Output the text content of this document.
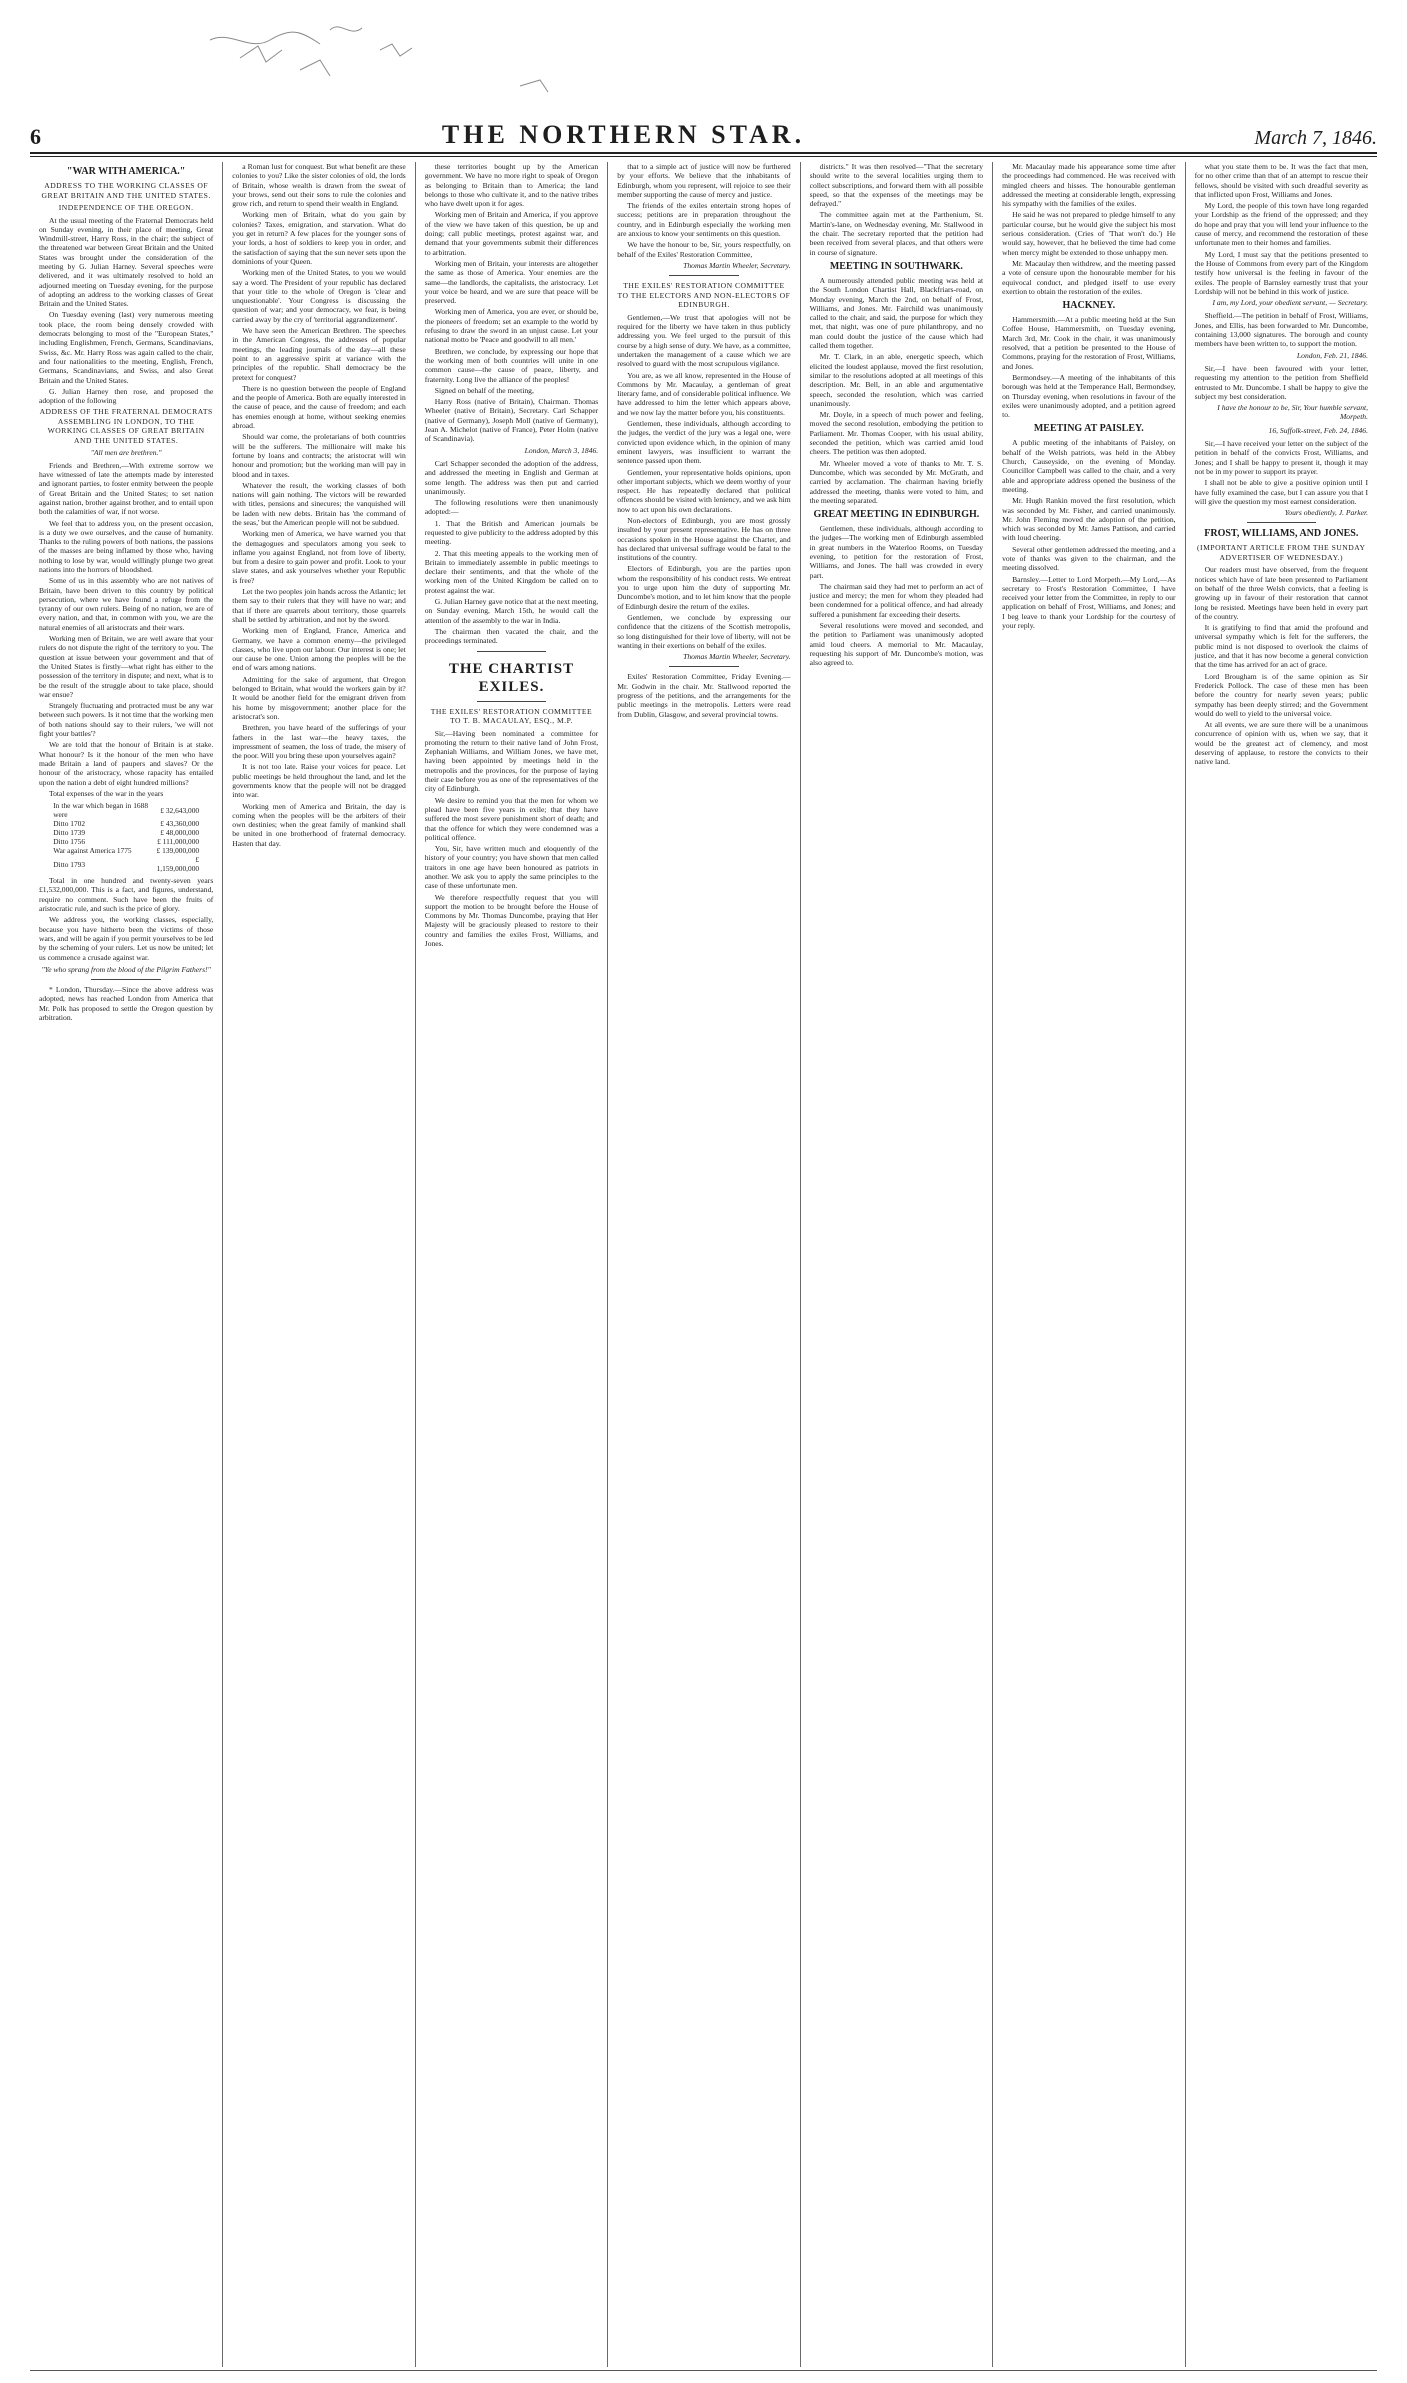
6	THE NORTHERN STAR.	March 7, 1846.

"WAR WITH AMERICA."

ADDRESS TO THE WORKING CLASSES OF GREAT BRITAIN AND THE UNITED STATES.

INDEPENDENCE OF THE OREGON.

At the usual meeting of the Fraternal Democrats held on Sunday evening, in their place of meeting, Great Windmill-street, Harry Ross, in the chair; the subject of the threatened war between Great Britain and the United States was brought under the consideration of the meeting by G. Julian Harney. Several speeches were delivered, and it was ultimately resolved to hold an adjourned meeting on Tuesday evening, for the purpose of adopting an address to the working classes of Great Britain and the United States.

On Tuesday evening (last) very numerous meeting took place, the room being densely crowded with democrats belonging to most of the "European States," including Englishmen, French, Germans, Scandinavians, Swiss, &c. Mr. Harry Ross was again called to the chair, and four nationalities to the meeting, English, French, Germans, Scandinavians, and Swiss, and also Great Britain and the United States.

G. Julian Harney then rose, and proposed the adoption of the following

ADDRESS OF THE FRATERNAL DEMOCRATS ASSEMBLING IN LONDON, TO THE WORKING CLASSES OF GREAT BRITAIN AND THE UNITED STATES.

"All men are brethren."

Friends and Brethren,—With extreme sorrow we have witnessed of late the attempts made by interested and ignorant parties, to foster enmity between the people of Great Britain and the United States; to set nation against nation, brother against brother, and to entail upon both the calamities of war, if not worse.

We feel that to address you, on the present occasion, is a duty we owe ourselves, and the cause of humanity. Thanks to the ruling powers of both nations, the passions of the masses are being inflamed by those who, having nothing to lose by war, would willingly plunge two great nations into the horrors of bloodshed.

Some of us in this assembly who are not natives of Britain, have been driven to this country by political persecution, where we have found a refuge from the tyranny of our own rulers. Being of no nation, we are of every nation, and that, in common with you, we are the natural enemies of all aristocrats and their wars.

Working men of Britain, we are well aware that your rulers do not dispute the right of the territory to you. The question at issue between your government and that of the United States is firstly—what right has either to the possession of the territory in dispute; and next, what is to be the result of the struggle about to take place, should war ensue?

Strangely fluctuating and protracted must be any war between such powers. Is it not time that the working men of both nations should say to their rulers, 'we will not fight your battles'?

We are told that the honour of Britain is at stake. What honour? Is it the honour of the men who have made Britain a land of paupers and slaves? Or the honour of the aristocracy, whose rapacity has entailed upon the nation a debt of eight hundred millions?

Total expenses of the war in the years

In the war which began in 1688 were	£ 32,643,000
Ditto 1702	£ 43,360,000
Ditto 1739	£ 48,000,000
Ditto 1756	£ 111,000,000
War against America 1775	£ 139,000,000
Ditto 1793	£ 1,159,000,000

Total in one hundred and twenty-seven years £1,532,000,000. This is a fact, and figures, understand, require no comment. Such have been the fruits of aristocratic rule, and such is the price of glory.

We address you, the working classes, especially, because you have hitherto been the victims of those wars, and will be again if you permit yourselves to be led by the scheming of your rulers. Let us now be united; let us commence a crusade against war.

"Ye who sprang from the blood of the Pilgrim Fathers!"

* London, Thursday.—Since the above address was adopted, news has reached London from America that Mr. Polk has proposed to settle the Oregon question by arbitration.

a Roman lust for conquest. But what benefit are these colonies to you? Like the sister colonies of old, the lords of Britain, whose wealth is drawn from the sweat of your brows, send out their sons to rule the colonies and grow rich, and return to spend their wealth in England.

Working men of Britain, what do you gain by colonies? Taxes, emigration, and starvation. What do you get in return? A few places for the younger sons of your lords, a host of soldiers to keep you in order, and the satisfaction of saying that the sun never sets upon the dominions of your Queen.

Working men of the United States, to you we would say a word. The President of your republic has declared that your title to the whole of Oregon is 'clear and unquestionable'. Your Congress is discussing the question of war; and your democracy, we fear, is being carried away by the cry of 'territorial aggrandizement'.

We have seen the American Brethren. The speeches in the American Congress, the addresses of popular meetings, the leading journals of the day—all these point to an aggressive spirit at variance with the principles of the republic. Shall democracy be the pretext for conquest?

There is no question between the people of England and the people of America. Both are equally interested in the cause of peace, and the cause of freedom; and each has enemies enough at home, without seeking enemies abroad.

Should war come, the proletarians of both countries will be the sufferers. The millionaire will make his fortune by loans and contracts; the aristocrat will win honour and promotion; but the working man will pay in blood and in taxes.

Whatever the result, the working classes of both nations will gain nothing. The victors will be rewarded with titles, pensions and sinecures; the vanquished will be laden with new debts. Britain has 'the command of the seas,' but the American people will not be subdued.

Working men of America, we have warned you that the demagogues and speculators among you seek to inflame you against England, not from love of liberty, but from a desire to gain power and profit. Look to your slave states, and ask yourselves whether your Republic is free?

Let the two peoples join hands across the Atlantic; let them say to their rulers that they will have no war; and that if there are quarrels about territory, those quarrels shall be settled by arbitration, and not by the sword.

Working men of England, France, America and Germany, we have a common enemy—the privileged classes, who live upon our labour. Our interest is one; let our cause be one. Union among the peoples will be the end of wars among nations.

Admitting for the sake of argument, that Oregon belonged to Britain, what would the workers gain by it? It would be another field for the emigrant driven from his home by misgovernment; another place for the aristocrat's son.

Brethren, you have heard of the sufferings of your fathers in the last war—the heavy taxes, the impressment of seamen, the loss of trade, the misery of the poor. Will you bring these upon yourselves again?

It is not too late. Raise your voices for peace. Let public meetings be held throughout the land, and let the governments know that the people will not be dragged into war.

Working men of America and Britain, the day is coming when the peoples will be the arbiters of their own destinies; when the great family of mankind shall be united in one brotherhood of fraternal democracy. Hasten that day.

these territories bought up by the American government. We have no more right to speak of Oregon as belonging to Britain than to America; the land belongs to those who cultivate it, and to the native tribes who have dwelt upon it for ages.

Working men of Britain and America, if you approve of the view we have taken of this question, be up and doing; call public meetings, protest against war, and demand that your governments submit their differences to arbitration.

Working men of Britain, your interests are altogether the same as those of America. Your enemies are the same—the landlords, the capitalists, the aristocracy. Let your voice be heard, and we are sure that peace will be preserved.

Working men of America, you are ever, or should be, the pioneers of freedom; set an example to the world by refusing to draw the sword in an unjust cause. Let your national motto be 'Peace and goodwill to all men.'

Brethren, we conclude, by expressing our hope that the working men of both countries will unite in one common cause—the cause of peace, liberty, and fraternity. Long live the alliance of the peoples!

Signed on behalf of the meeting,

Harry Ross (native of Britain), Chairman. Thomas Wheeler (native of Britain), Secretary. Carl Schapper (native of Germany), Joseph Moll (native of Germany), Jean A. Michelot (native of France), Peter Holm (native of Scandinavia).

London, March 3, 1846.

Carl Schapper seconded the adoption of the address, and addressed the meeting in English and German at some length. The address was then put and carried unanimously.

The following resolutions were then unanimously adopted:—

1. That the British and American journals be requested to give publicity to the address adopted by this meeting.

2. That this meeting appeals to the working men of Britain to immediately assemble in public meetings to declare their sentiments, and that the whole of the working men of the United Kingdom be called on to protest against the war.

G. Julian Harney gave notice that at the next meeting, on Sunday evening, March 15th, he would call the attention of the assembly to the war in India.

The chairman then vacated the chair, and the proceedings terminated.

THE CHARTIST EXILES.

THE EXILES' RESTORATION COMMITTEE TO T. B. MACAULAY, ESQ., M.P.

Sir,—Having been nominated a committee for promoting the return to their native land of John Frost, Zephaniah Williams, and William Jones, we have met, having been appointed by meetings held in the metropolis and the provinces, for the purpose of laying their case before you as one of the representatives of the city of Edinburgh.

We desire to remind you that the men for whom we plead have been five years in exile; that they have suffered the most severe punishment short of death; and that the offence for which they were condemned was a political offence.

You, Sir, have written much and eloquently of the history of your country; you have shown that men called traitors in one age have been honoured as patriots in another. We ask you to apply the same principles to the case of these unfortunate men.

We therefore respectfully request that you will support the motion to be brought before the House of Commons by Mr. Thomas Duncombe, praying that Her Majesty will be graciously pleased to restore to their country and families the exiles Frost, Williams, and Jones.

that to a simple act of justice will now be furthered by your efforts. We believe that the inhabitants of Edinburgh, whom you represent, will rejoice to see their member supporting the cause of mercy and justice.

The friends of the exiles entertain strong hopes of success; petitions are in preparation throughout the country, and in Edinburgh especially the working men are anxious to know your sentiments on this question.

We have the honour to be, Sir, yours respectfully, on behalf of the Exiles' Restoration Committee,

Thomas Martin Wheeler, Secretary.

THE EXILES' RESTORATION COMMITTEE TO THE ELECTORS AND NON-ELECTORS OF EDINBURGH.

Gentlemen,—We trust that apologies will not be required for the liberty we have taken in thus publicly addressing you. We feel urged to the pursuit of this course by a high sense of duty. We have, as a committee, undertaken the management of a cause which we are resolved to guard with the most scrupulous vigilance.

You are, as we all know, represented in the House of Commons by Mr. Macaulay, a gentleman of great literary fame, and of considerable political influence. We have addressed to him the letter which appears above, and we now lay the matter before you, his constituents.

Gentlemen, these individuals, although according to the judges, the verdict of the jury was a legal one, were convicted upon evidence which, in the opinion of many eminent lawyers, was insufficient to warrant the sentence passed upon them.

Gentlemen, your representative holds opinions, upon other important subjects, which we deem worthy of your respect. He has repeatedly declared that political offences should be visited with leniency, and we ask him now to act upon his own declarations.

Non-electors of Edinburgh, you are most grossly insulted by your present representative. He has on three occasions spoken in the House against the Charter, and has declared that universal suffrage would be fatal to the institutions of the country.

Electors of Edinburgh, you are the parties upon whom the responsibility of his conduct rests. We entreat you to urge upon him the duty of supporting Mr. Duncombe's motion, and to let him know that the people of Edinburgh desire the return of the exiles.

Gentlemen, we conclude by expressing our confidence that the citizens of the Scottish metropolis, so long distinguished for their love of liberty, will not be wanting in their exertions on behalf of the exiles.

Thomas Martin Wheeler, Secretary.

Exiles' Restoration Committee, Friday Evening.—Mr. Godwin in the chair. Mr. Stallwood reported the progress of the petitions, and the arrangements for the public meetings in the metropolis. Letters were read from Dublin, Glasgow, and several provincial towns.

districts." It was then resolved—"That the secretary should write to the several localities urging them to collect subscriptions, and forward them with all possible speed, so that the expenses of the meetings may be defrayed."

The committee again met at the Parthenium, St. Martin's-lane, on Wednesday evening, Mr. Stallwood in the chair. The secretary reported that the petition had been received from several places, and that others were in course of signature.

MEETING IN SOUTHWARK.

A numerously attended public meeting was held at the South London Chartist Hall, Blackfriars-road, on Monday evening, March the 2nd, on behalf of Frost, Williams, and Jones. Mr. Fairchild was unanimously called to the chair, and said, the purpose for which they met, that night, was one of pure philanthropy, and no man could doubt the justice of the cause which had called them together.

Mr. T. Clark, in an able, energetic speech, which elicited the loudest applause, moved the first resolution, similar to the resolutions adopted at all meetings of this description. Mr. Bell, in an able and argumentative speech, seconded the resolution, which was carried unanimously.

Mr. Doyle, in a speech of much power and feeling, moved the second resolution, embodying the petition to Parliament. Mr. Thomas Cooper, with his usual ability, seconded the petition, which was carried amid loud cheers. The petition was then adopted.

Mr. Wheeler moved a vote of thanks to Mr. T. S. Duncombe, which was seconded by Mr. McGrath, and carried by acclamation. The chairman having briefly addressed the meeting, thanks were voted to him, and the meeting separated.

GREAT MEETING IN EDINBURGH.

Gentlemen, these individuals, although according to the judges—The working men of Edinburgh assembled in great numbers in the Waterloo Rooms, on Tuesday evening, to petition for the restoration of Frost, Williams, and Jones. The hall was crowded in every part.

The chairman said they had met to perform an act of justice and mercy; the men for whom they pleaded had been condemned for a political offence, and had already suffered a punishment far exceeding their deserts.

Several resolutions were moved and seconded, and the petition to Parliament was unanimously adopted amid loud cheers. A memorial to Mr. Macaulay, requesting his support of Mr. Duncombe's motion, was also agreed to.

Mr. Macaulay made his appearance some time after the proceedings had commenced. He was received with mingled cheers and hisses. The honourable gentleman addressed the meeting at considerable length, expressing his sympathy with the families of the exiles.

He said he was not prepared to pledge himself to any particular course, but he would give the subject his most serious consideration. (Cries of 'That won't do.') He would say, however, that he believed the time had come when mercy might be extended to those unhappy men.

Mr. Macaulay then withdrew, and the meeting passed a vote of censure upon the honourable member for his equivocal conduct, and pledged itself to use every exertion to obtain the restoration of the exiles.

HACKNEY.

Hammersmith.—At a public meeting held at the Sun Coffee House, Hammersmith, on Tuesday evening, March 3rd, Mr. Cook in the chair, it was unanimously resolved, that a petition be presented to the House of Commons, praying for the restoration of Frost, Williams, and Jones.

Bermondsey.—A meeting of the inhabitants of this borough was held at the Temperance Hall, Bermondsey, on Thursday evening, when resolutions in favour of the exiles were unanimously adopted, and a petition agreed to.

MEETING AT PAISLEY.

A public meeting of the inhabitants of Paisley, on behalf of the Welsh patriots, was held in the Abbey Church, Causeyside, on the evening of Monday. Councillor Campbell was called to the chair, and a very able and appropriate address opened the business of the meeting.

Mr. Hugh Rankin moved the first resolution, which was seconded by Mr. Fisher, and carried unanimously. Mr. John Fleming moved the adoption of the petition, which was seconded by Mr. James Pattison, and carried with loud cheering.

Several other gentlemen addressed the meeting, and a vote of thanks was given to the chairman, and the meeting dissolved.

Barnsley.—Letter to Lord Morpeth.—My Lord,—As secretary to Frost's Restoration Committee, I have received your letter from the Committee, in reply to our application on behalf of Frost, Williams, and Jones; and I beg leave to thank your Lordship for the courtesy of your reply.

what you state them to be. It was the fact that men, for no other crime than that of an attempt to rescue their fellows, should be visited with such dreadful severity as that inflicted upon Frost, Williams and Jones.

My Lord, the people of this town have long regarded your Lordship as the friend of the oppressed; and they do hope and pray that you will lend your influence to the cause of mercy, and recommend the restoration of these unfortunate men to their homes and families.

My Lord, I must say that the petitions presented to the House of Commons from every part of the Kingdom testify how universal is the feeling in favour of the exiles. The people of Barnsley earnestly trust that your Lordship will not be behind in this work of justice.

I am, my Lord, your obedient servant, — Secretary.

Sheffield.—The petition in behalf of Frost, Williams, Jones, and Ellis, has been forwarded to Mr. Duncombe, containing 13,000 signatures. The borough and county members have been written to, to support the motion.

London, Feb. 21, 1846.

Sir,—I have been favoured with your letter, requesting my attention to the petition from Sheffield entrusted to Mr. Duncombe. I shall be happy to give the subject my best consideration.

I have the honour to be, Sir, Your humble servant, Morpeth.

16, Suffolk-street, Feb. 24, 1846.

Sir,—I have received your letter on the subject of the petition in behalf of the convicts Frost, Williams, and Jones; and I shall be happy to present it, though it may not be in my power to support its prayer.

I shall not be able to give a positive opinion until I have fully examined the case, but I can assure you that I will give the question my most earnest consideration.

Yours obediently, J. Parker.

FROST, WILLIAMS, AND JONES.

(IMPORTANT ARTICLE FROM THE SUNDAY ADVERTISER OF WEDNESDAY.)

Our readers must have observed, from the frequent notices which have of late been presented to Parliament on behalf of the three Welsh convicts, that a feeling is growing up in favour of their restoration that cannot long be resisted. Meetings have been held in every part of the country.

It is gratifying to find that amid the profound and universal sympathy which is felt for the sufferers, the public mind is not disposed to overlook the claims of justice, and that it has now become a general conviction that the time has arrived for an act of grace.

Lord Brougham is of the same opinion as Sir Frederick Pollock. The case of these men has been before the country for nearly seven years; public sympathy has been deeply stirred; and the Government would do well to yield to the universal voice.

At all events, we are sure there will be a unanimous concurrence of opinion with us, when we say, that it would be the greatest act of clemency, and most deserving of applause, to restore the convicts to their native land.
